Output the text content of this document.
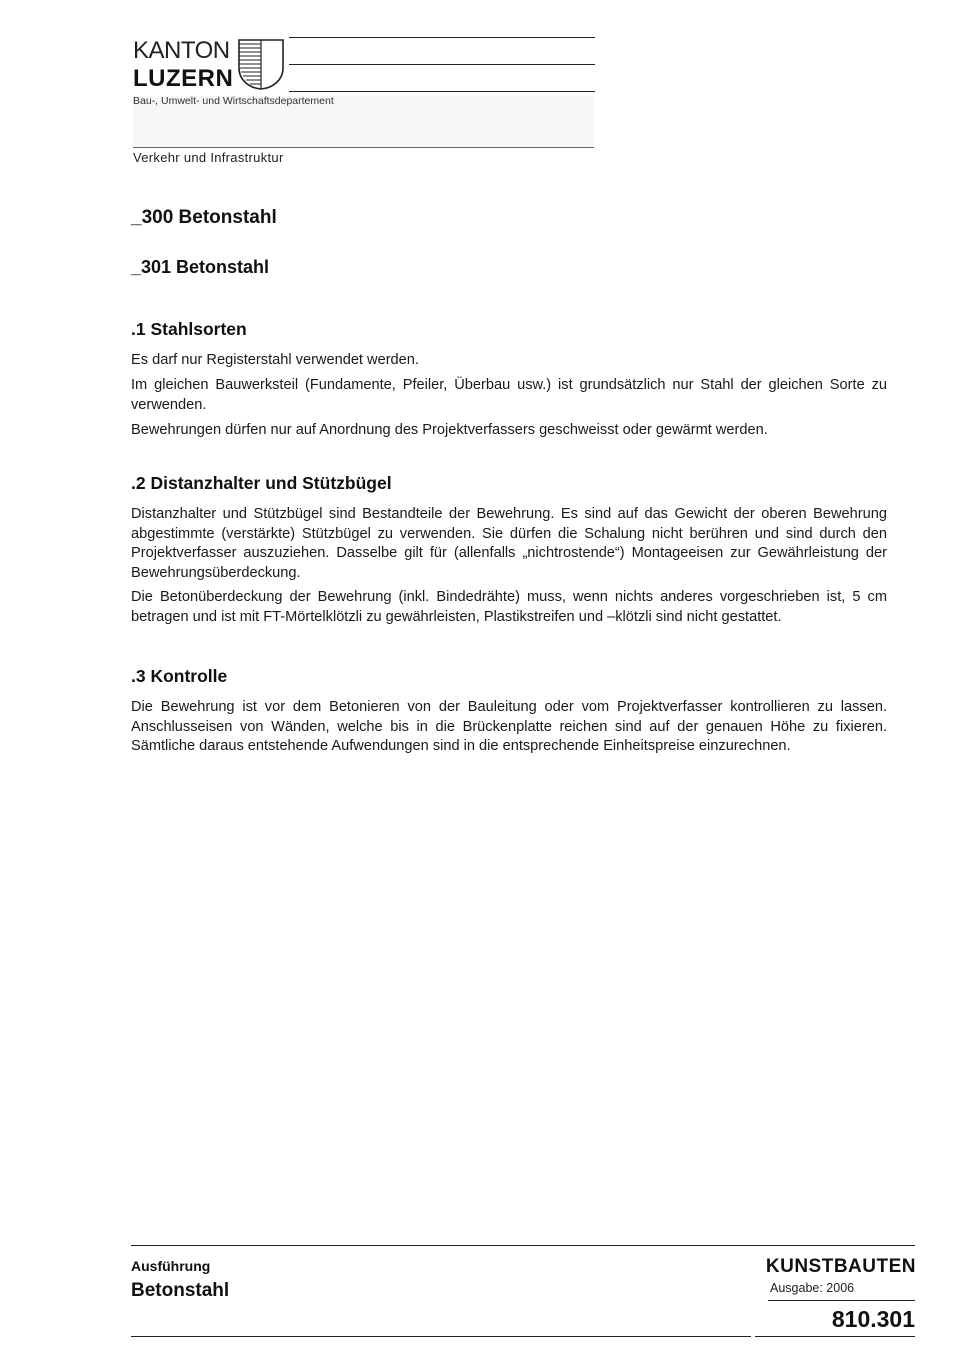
KANTON
LUZERN
Bau-, Umwelt- und Wirtschaftsdepartement
Verkehr und Infrastruktur
_300 Betonstahl
_301 Betonstahl
.1 Stahlsorten
Es darf nur Registerstahl verwendet werden.
Im gleichen Bauwerksteil (Fundamente, Pfeiler, Überbau usw.) ist grundsätzlich nur Stahl der gleichen Sorte zu verwenden.
Bewehrungen dürfen nur auf Anordnung des Projektverfassers geschweisst oder gewärmt werden.
.2 Distanzhalter und Stützbügel
Distanzhalter und Stützbügel sind Bestandteile der Bewehrung. Es sind auf das Gewicht der oberen Bewehrung abgestimmte (verstärkte) Stützbügel zu verwenden. Sie dürfen die Schalung nicht berühren und sind durch den Projektverfasser auszuziehen. Dasselbe gilt für (allenfalls „nichtrostende“) Montageeisen zur Gewährleistung der Bewehrungsüberdeckung.
Die Betonüberdeckung der Bewehrung (inkl. Bindedrähte) muss, wenn nichts anderes vorgeschrieben ist, 5 cm betragen und ist mit FT-Mörtelklötzli zu gewährleisten, Plastikstreifen und –klötzli sind nicht gestattet.
.3 Kontrolle
Die Bewehrung ist vor dem Betonieren von der Bauleitung oder vom Projektverfasser kontrollieren zu lassen. Anschlusseisen von Wänden, welche bis in die Brückenplatte reichen sind auf der genauen Höhe zu fixieren. Sämtliche daraus entstehende Aufwendungen sind in die entsprechende Einheitspreise einzurechnen.
Ausführung
Betonstahl
KUNSTBAUTEN
Ausgabe: 2006
810.301
